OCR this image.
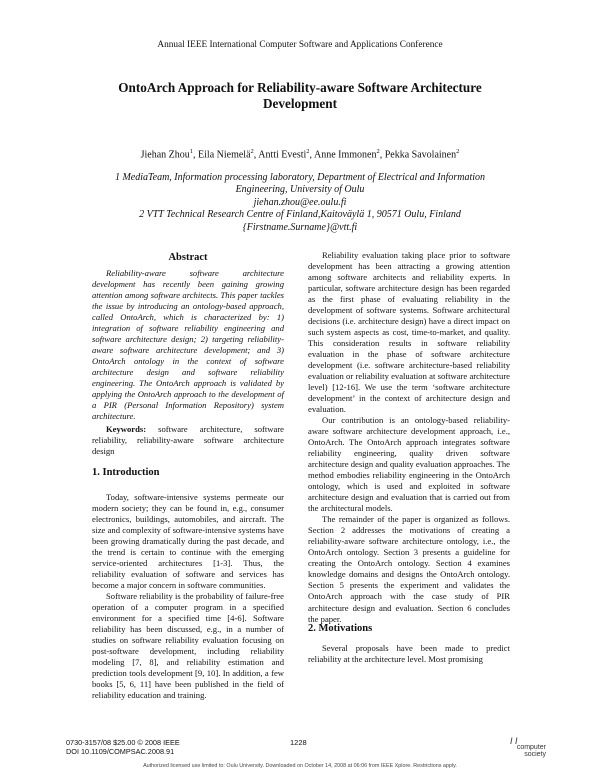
Annual IEEE International Computer Software and Applications Conference
OntoArch Approach for Reliability-aware Software Architecture
Development
Jiehan Zhou$^1$, Eila Niemelä$^2$, Antti Evesti$^2$, Anne Immonen$^2$, Pekka Savolainen$^2$
1 MediaTeam, Information processing laboratory, Department of Electrical and Information
Engineering, University of Oulu
jiehan.zhou@ee.oulu.fi
2 VTT Technical Research Centre of Finland,Kaitoväylä 1, 90571 Oulu, Finland
{Firstname.Surname}@vtt.fi
Abstract

Reliability-aware software architecture development has recently been gaining growing attention among software architects. This paper tackles the issue by introducing an ontology-based approach, called OntoArch, which is characterized by: 1) integration of software reliability engineering and software architecture design; 2) targeting reliability-aware software architecture development; and 3) OntoArch ontology in the context of software architecture design and software reliability engineering. The OntoArch approach is validated by applying the OntoArch approach to the development of a PIR (Personal Information Repository) system architecture.

Keywords: software architecture, software reliability, reliability-aware software architecture design

1. Introduction

Today, software-intensive systems permeate our modern society; they can be found in, e.g., consumer electronics, buildings, automobiles, and aircraft. The size and complexity of software-intensive systems have been growing dramatically during the past decade, and the trend is certain to continue with the emerging service-oriented architectures [1-3]. Thus, the reliability evaluation of software and services has become a major concern in software communities.

Software reliability is the probability of failure-free operation of a computer program in a specified environment for a specified time [4-6]. Software reliability has been discussed, e.g., in a number of studies on software reliability evaluation focusing on post-software development, including reliability modeling [7, 8], and reliability estimation and prediction tools development [9, 10]. In addition, a few books [5, 6, 11] have been published in the field of reliability education and training.

Reliability evaluation taking place prior to software development has been attracting a growing attention among software architects and reliability experts. In particular, software architecture design has been regarded as the first phase of evaluating reliability in the development of software systems. Software architectural decisions (i.e. architecture design) have a direct impact on such system aspects as cost, time-to-market, and quality. This consideration results in software reliability evaluation in the phase of software architecture development (i.e. software architecture-based reliability evaluation or reliability evaluation at software architecture level) [12-16]. We use the term ‘software architecture development’ in the context of architecture design and evaluation.

Our contribution is an ontology-based reliability-aware software architecture development approach, i.e., OntoArch. The OntoArch approach integrates software reliability engineering, quality driven software architecture design and quality evaluation approaches. The method embodies reliability engineering in the OntoArch ontology, which is used and exploited in software architecture design and evaluation that is carried out from the architectural models.

The remainder of the paper is organized as follows. Section 2 addresses the motivations of creating a reliability-aware software architecture ontology, i.e., the OntoArch ontology. Section 3 presents a guideline for creating the OntoArch ontology. Section 4 examines knowledge domains and designs the OntoArch ontology. Section 5 presents the experiment and validates the OntoArch approach with the case study of PIR architecture design and evaluation. Section 6 concludes the paper.

2. Motivations

Several proposals have been made to predict reliability at the architecture level. Most promising

0730-3157/08 $25.00 © 2008 IEEE
DOI 10.1109/COMPSAC.2008.91
1228	I I
computer society
Authorized licensed use limited to: Oulu University. Downloaded on October 14, 2008 at 06:06 from IEEE Xplore. Restrictions apply.
